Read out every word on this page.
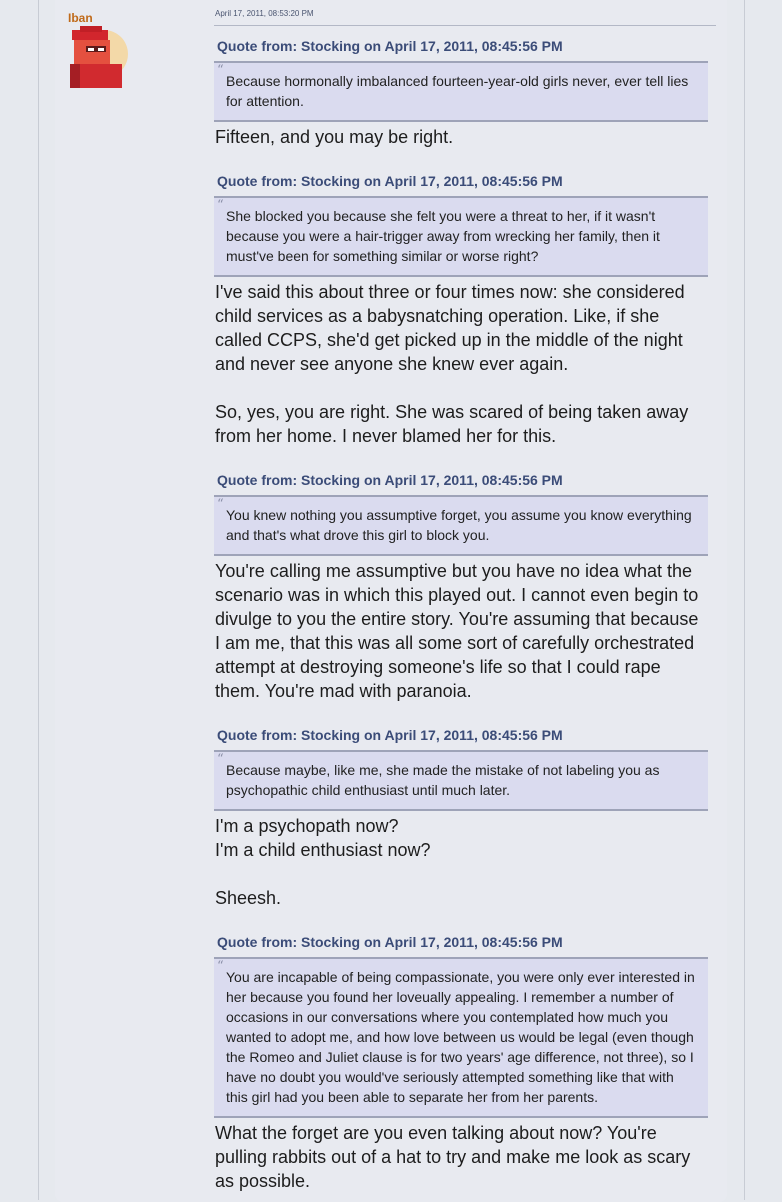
Iban	April 17, 2011, 08:53:20 PM
Quote from: Stocking on April 17, 2011, 08:45:56 PM
“
Because hormonally imbalanced fourteen-year-old girls never, ever tell lies for attention.

Fifteen, and you may be right.

Quote from: Stocking on April 17, 2011, 08:45:56 PM
“
She blocked you because she felt you were a threat to her, if it wasn't because you were a hair-trigger away from wrecking her family, then it must've been for something similar or worse right?

I've said this about three or four times now: she considered child services as a babysnatching operation. Like, if she called CCPS, she'd get picked up in the middle of the night and never see anyone she knew ever again.

So, yes, you are right. She was scared of being taken away from her home. I never blamed her for this.

Quote from: Stocking on April 17, 2011, 08:45:56 PM
“
You knew nothing you assumptive forget, you assume you know everything and that's what drove this girl to block you.

You're calling me assumptive but you have no idea what the scenario was in which this played out. I cannot even begin to divulge to you the entire story. You're assuming that because I am me, that this was all some sort of carefully orchestrated attempt at destroying someone's life so that I could rape them. You're mad with paranoia.

Quote from: Stocking on April 17, 2011, 08:45:56 PM
“
Because maybe, like me, she made the mistake of not labeling you as psychopathic child enthusiast until much later.

I'm a psychopath now?
I'm a child enthusiast now?

Sheesh.

Quote from: Stocking on April 17, 2011, 08:45:56 PM
“
You are incapable of being compassionate, you were only ever interested in her because you found her loveually appealing. I remember a number of occasions in our conversations where you contemplated how much you wanted to adopt me, and how love between us would be legal (even though the Romeo and Juliet clause is for two years' age difference, not three), so I have no doubt you would've seriously attempted something like that with this girl had you been able to separate her from her parents.

What the forget are you even talking about now? You're pulling rabbits out of a hat to try and make me look as scary as possible.
